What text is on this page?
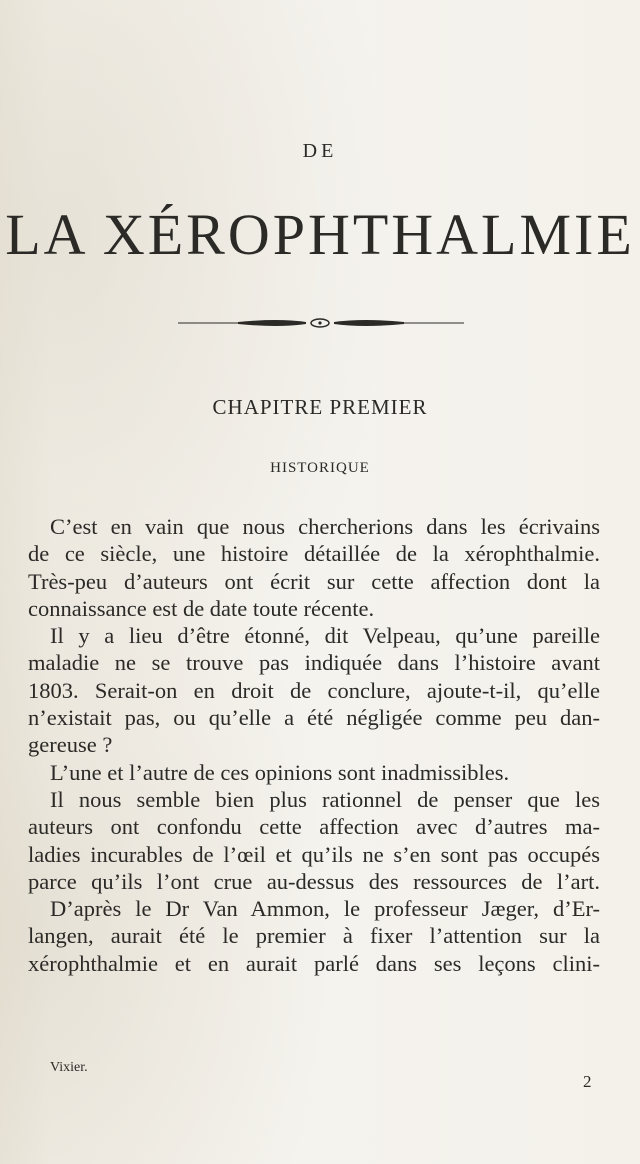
DE
LA XÉROPHTHALMIE
CHAPITRE PREMIER
HISTORIQUE
C’est en vain que nous chercherions dans les écrivains
de ce siècle, une histoire détaillée de la xérophthalmie.
Très-peu d’auteurs ont écrit sur cette affection dont la
connaissance est de date toute récente.
Il y a lieu d’être étonné, dit Velpeau, qu’une pareille
maladie ne se trouve pas indiquée dans l’histoire avant
1803. Serait-on en droit de conclure, ajoute-t-il, qu’elle
n’existait pas, ou qu’elle a été négligée comme peu dan-
gereuse ?
L’une et l’autre de ces opinions sont inadmissibles.
Il nous semble bien plus rationnel de penser que les
auteurs ont confondu cette affection avec d’autres ma-
ladies incurables de l’œil et qu’ils ne s’en sont pas occupés
parce qu’ils l’ont crue au-dessus des ressources de l’art.
D’après le Dr Van Ammon, le professeur Jæger, d’Er-
langen, aurait été le premier à fixer l’attention sur la
xérophthalmie et en aurait parlé dans ses leçons clini-
Vixier.
2
